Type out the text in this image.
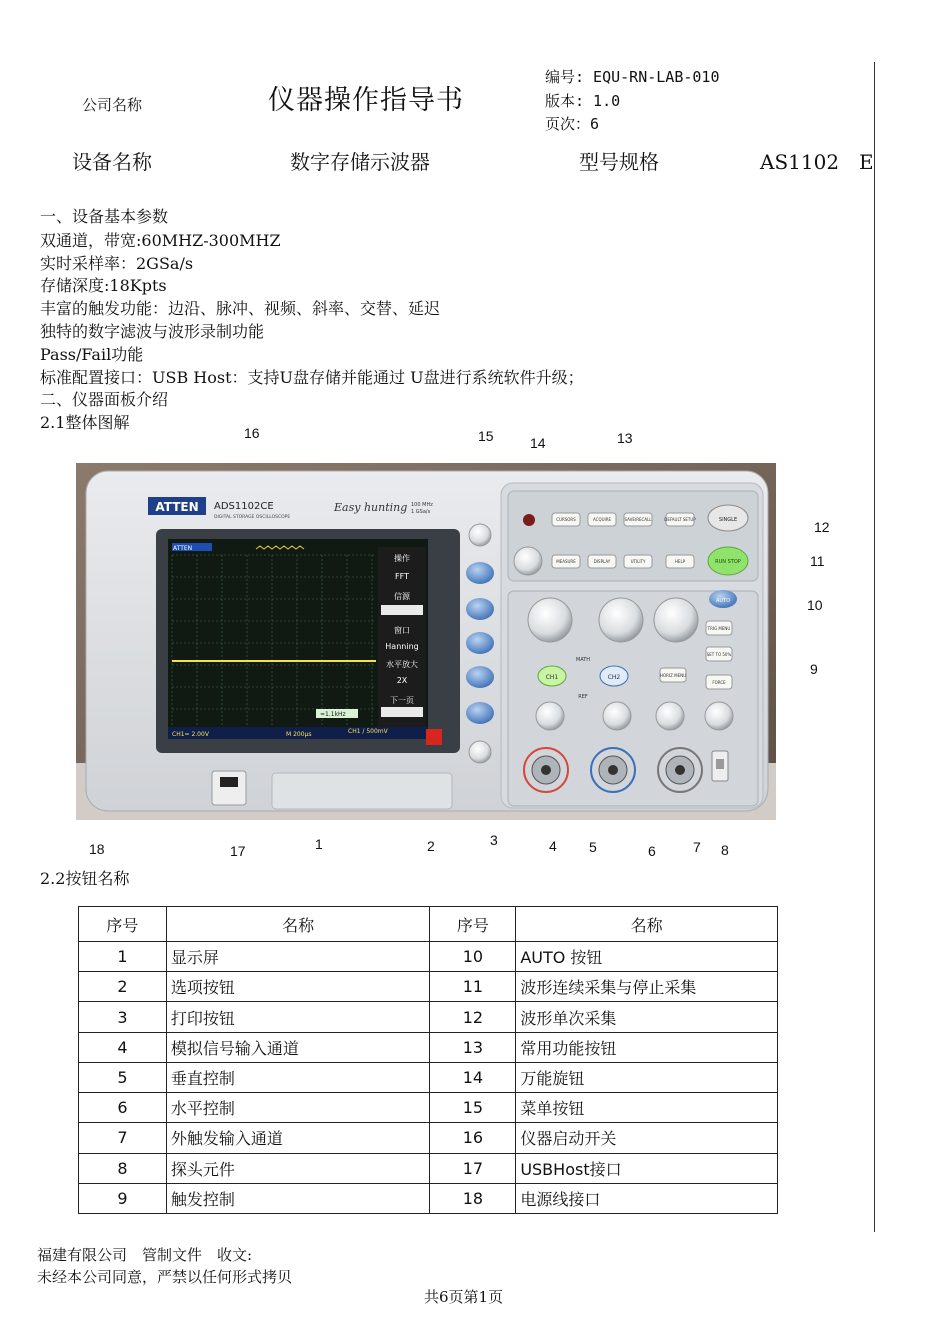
公司名称	仪器操作指导书
编号: EQU-RN-LAB-010
版本: 1.0
页次：6
设备名称	数字存储示波器	型号规格	AS1102　E
一、设备基本参数
双通道，带宽:60MHZ-300MHZ
实时采样率：2GSa/s
存储深度:18Kpts
丰富的触发功能：边沿、脉冲、视频、斜率、交替、延迟
独特的数字滤波与波形录制功能
Pass/Fail功能
标准配置接口：USB Host：支持U盘存储并能通过 U盘进行系统软件升级；
二、仪器面板介绍
2.1整体图解
16	15	14	13
12
11
10
9
ATTEN ADS1102CE
DIGITAL STORAGE OSCILLOSCOPE
Easy hunting 100 MHz
1 GSa/s
ATTEN
操作
FFT
信源
窗口
Hanning
水平放大
2X
下一页
CH1= 2.00V	M 200μs	CH1 / 500mV
≈1.1kHz
CURSORS	ACQUIRE	SAVE/RECALL	DEFAULT SETUP
MEASURE	DISPLAY	UTILITY	HELP
SINGLE
RUN STOP
AUTO
CH1	CH2
MATH
REF
HORIZ MENU
TRIG MENU
SET TO 50%
FORCE
18	17	1	2	3	4 5	6	7 8
2.2按钮名称
序号	名称	序号	名称
1	显示屏	10	AUTO 按钮
2	选项按钮	11	波形连续采集与停止采集
3	打印按钮	12	波形单次采集
4	模拟信号输入通道	13	常用功能按钮
5	垂直控制	14	万能旋钮
6	水平控制	15	菜单按钮
7	外触发输入通道	16	仪器启动开关
8	探头元件	17	USBHost接口
9	触发控制	18	电源线接口
福建有限公司　管制文件　收文:
未经本公司同意，严禁以任何形式拷贝
共6页第1页
